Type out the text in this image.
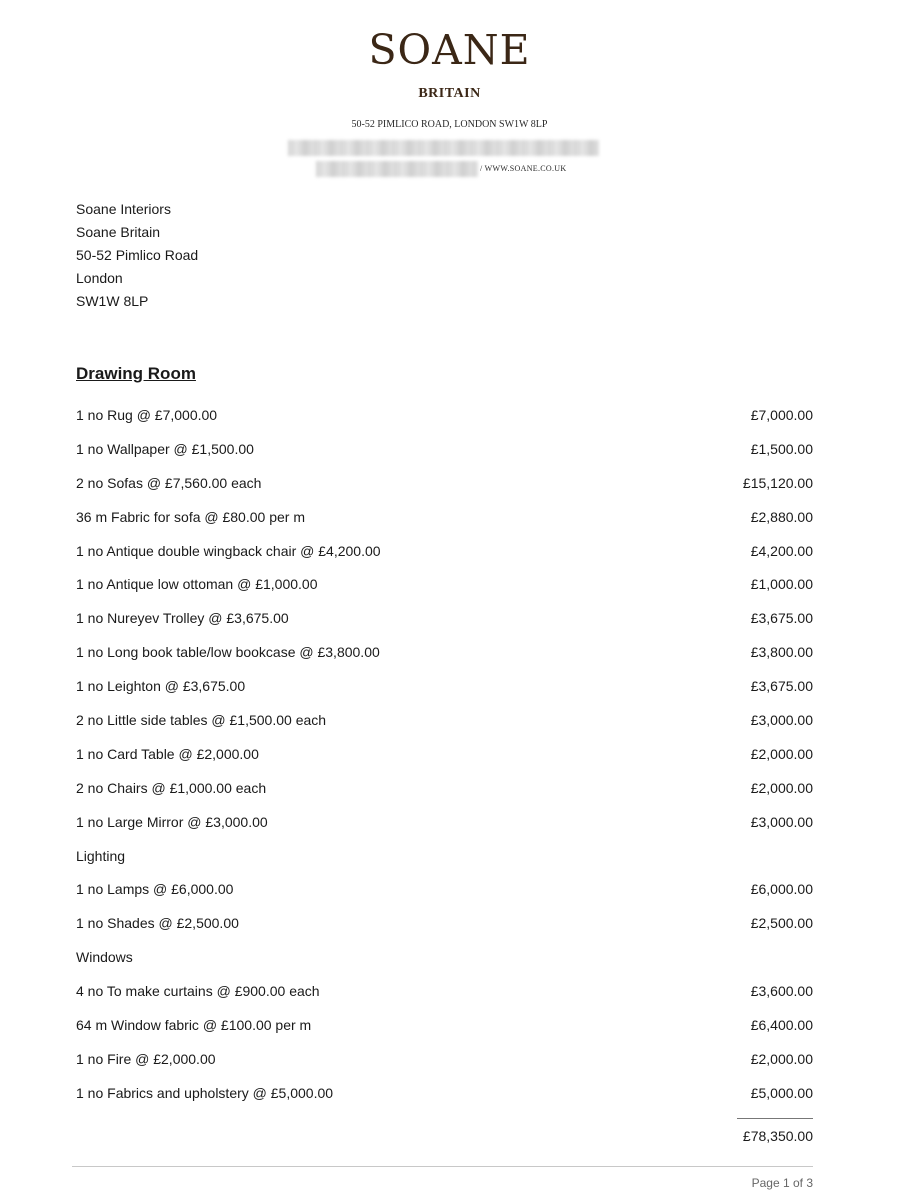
SOANE
BRITAIN
50-52 PIMLICO ROAD, LONDON SW1W 8LP
/ WWW.SOANE.CO.UK
Soane Interiors
Soane Britain
50-52 Pimlico Road
London
SW1W 8LP
Drawing Room
1 no Rug @ £7,000.00	£7,000.00
1 no Wallpaper @ £1,500.00	£1,500.00
2 no Sofas @ £7,560.00 each	£15,120.00
36 m Fabric for sofa @ £80.00 per m	£2,880.00
1 no Antique double wingback chair @ £4,200.00	£4,200.00
1 no Antique low ottoman @ £1,000.00	£1,000.00
1 no Nureyev Trolley @ £3,675.00	£3,675.00
1 no Long book table/low bookcase @ £3,800.00	£3,800.00
1 no Leighton @ £3,675.00	£3,675.00
2 no Little side tables @ £1,500.00 each	£3,000.00
1 no Card Table @ £2,000.00	£2,000.00
2 no Chairs @ £1,000.00 each	£2,000.00
1 no Large Mirror @ £3,000.00	£3,000.00
Lighting
1 no Lamps @ £6,000.00	£6,000.00
1 no Shades @ £2,500.00	£2,500.00
Windows
4 no To make curtains @ £900.00 each	£3,600.00
64 m Window fabric @ £100.00 per m	£6,400.00
1 no Fire @ £2,000.00	£2,000.00
1 no Fabrics and upholstery @ £5,000.00	£5,000.00
£78,350.00
Page 1 of 3
